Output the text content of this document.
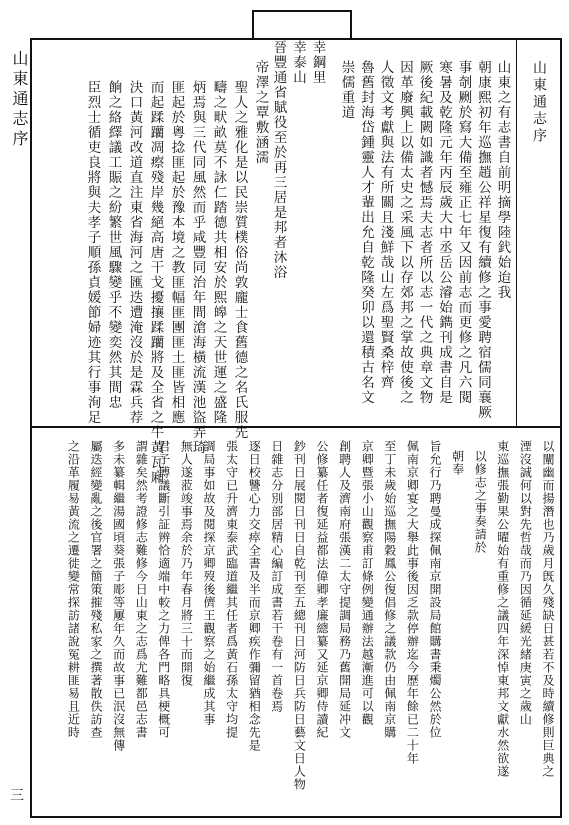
山東通志序
三
山東通志序
山東之有志書自前明摘學陸釴始迨我
朝康熙初年巡撫趙公祥星復有續修之事愛聘宿儒同襄厥
事剞劂於寫大備至雍正七年又因前志而更修之凡六閱
寒暑及乾隆元年丙辰歲大中丞岳公濬始鐫刊成書自是
厥後紀載闕如識者憾焉夫志者所以志一代之典章文物
因革廢興上以備太史之采風下以存郊邦之掌故使後之
人徵文考獻與法有所關且淺鮮哉山左爲聖賢桑梓齊
魯舊封海岱鍾靈人才輩出允自乾隆癸卯以還積古名文
崇儒重道
幸鋼里
幸泰山
晉豐通省賦役至於再三居是邦者沐浴
帝澤之覃敷涵濡
聖人之雅化是以民崇質樸俗尚敦龐士食舊德之名氏服先
疇之畎畝莫不詠仁踏德共相安於熙皞之天世運之盛隆
炳焉與三代同風然而乎咸豐同治年間滄海橫流漢池盜弄琦
匪起於粵捻匪起於豫本境之教匪幅匪團匪土匪皆相應
而起蹂躪凋瘵殘岸幾絕高唐干戈擾攘蹂躪將及全省之牛黃瓦廂
決口黃河改道直注東省海河之匯迭遭淹沒於是霖兵荐
餉之絡繹議工賑之紛繁世風驟變乎不變奕然其間忠
臣烈士循吏良將與夫孝子順孫貞媛節婦迹其行事洵足
以闡幽而揚潛也乃歲月旣久殘缺日甚若不及時續修則巨典之
湮沒誠何以對先哲哉而乃因循延緩光緒庚寅之歲山
東巡撫張勤果公曜始有重修之議四年深悼東邦文獻水然欲遂
以修志之事奏請於
朝奉
旨允行乃聘曼成探佩南京開設局館購書秉燭公然於位
佩南京卿宴之大舉此事後因乏款停辦迄今歷年餘已二十年
至丁未歲始巡撫陽穀鳳公復倡修之議款仍由佩南京購
京卿暨張小山觀察甫訂條例變通辦法越漸進可以觀
創聘人及濟南府張漢二太守提調局務乃舊開局延冲文
公修纂任者復延益都法偉卿孝廉總纂又延京卿侍讀紀
鈔刊日展閱日刊日自乾刊至五總刊日河防日兵防日藝文日人物
日雜志分別部居精心編訂成書若干卷有一首卷焉
逐日校讐心力交瘁全書及半而京卿疾作彌留猶相念先是
張太守已升濟東泰武臨道繼其任者爲黃石孫太守均提
調局事如故及閱探京卿歿後儕王觀察之始繼成其事
無人遂蒞竣事焉余於乃年春月將三十而開復
君子博議斷引証辨恰適端中較之力俾各門略具梗概可
謂雜矣然考證修志難修今日山東之志爲尤難都邑志書
多未纂輯繼湯國頃葵張子彫等屢年久而故事已泯沒無傳
屬迭經變亂之後官署之簡策摧殘私家之撰著散佚訪查
之沿革履易黃流之遷徙變常探訪諸說冤耕匪易且近時
